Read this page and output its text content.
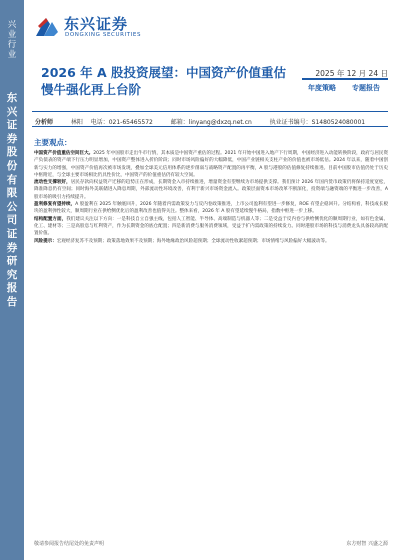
兴业行业
东兴证券股份有限公司证券研究报告
东兴证券
DONGXING SECURITIES
2026 年 A 股投资展望：中国资产价值重估
慢牛强化再上台阶
2025 年 12 月 24 日
年度策略	专题报告
分析师	林阳 电话：021-65465572	邮箱：linyang@dxzq.net.cn	执业证书编号：S1480524080001
主要观点：

中国资产价值重估空间巨大。2025 年中国股市走出牛市行情，其本质是中国资产重估的过程。2021 年开始中国进入地产下行周期，中国经济进入动能转换阶段，政府与居民资产负债表的资产端下行压力明显增加，中国资产整体进入折价阶段；同时市场风险偏好的大幅降低，中国产业链相关支柱产业的价值也被市场低估。2024 年以来，随着中国创新与实力的增强，中国资产价值再次被市场发现，叠加全球美元信用体系的逐步削弱与战略资产配置的再平衡，A 股与港股的估值修复持续推进。目前中国股市估值仍处于历史中枢附近，与全球主要市场相比仍具性价比，中国资产的价值重估仍有较大空间。

流动性支撑较好，居民存款向权益资产迁移的趋势正在形成，长期资金入市持续推进，增量资金有望继续为市场提供支撑。我们预计 2026 年国内货币政策仍将保持适度宽松，降准降息仍有空间；同时海外美联储进入降息周期，外部流动性环境改善，有利于新兴市场资金流入。政策层面资本市场改革不断深化，投资端与融资端的平衡进一步改善，A 股市场的吸引力持续提升。

盈利修复有望持续，A 股盈利在 2025 年触底回升，2026 年随着内需政策发力与反内卷政策推进，上市公司盈利有望进一步修复，ROE 有望企稳回升。分结构看，科技成长板块的盈利弹性较大，顺周期行业在供给侧优化后的盈利改善也值得关注。整体来看，2026 年 A 股有望延续慢牛格局，指数中枢进一步上移。

结构配置方面，我们建议关注以下方向：一是科技自立自强主线，包括人工智能、半导体、高端制造与机器人等；二是受益于反内卷与供给侧优化的顺周期行业，如有色金属、化工、建材等；三是高股息与红利资产，作为长期资金的底仓配置；四是新消费与服务消费领域，受益于扩内需政策的持续发力。同时港股市场的科技与消费龙头具备较高的配置价值。

风险提示：宏观经济复苏不及预期；政策落地效果不及预期；海外地缘政治风险超预期；全球流动性收紧超预期；市场情绪与风险偏好大幅波动等。

敬请参阅报告结尾处的免责声明	东方财智 兴盛之源
